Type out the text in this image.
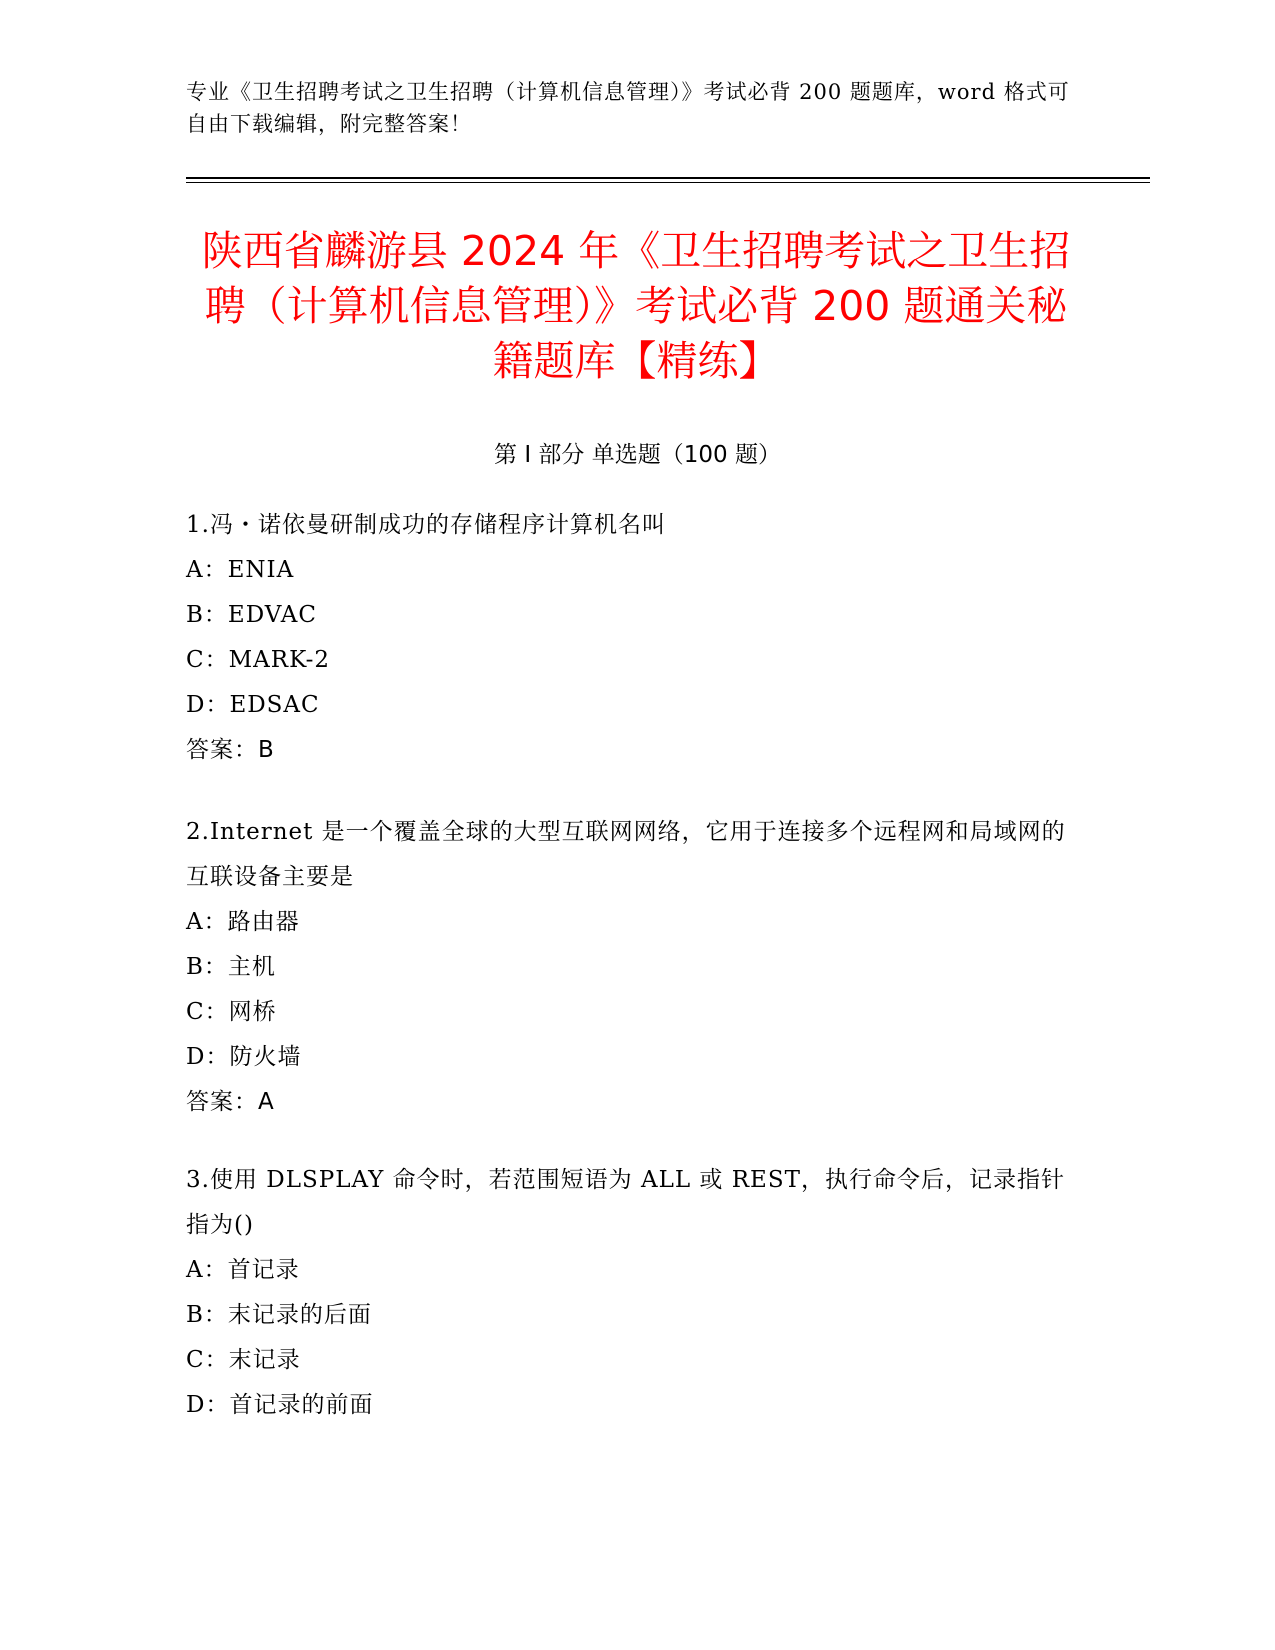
专业《卫生招聘考试之卫生招聘（计算机信息管理）》考试必背 200 题题库，word 格式可自由下载编辑，附完整答案！
陕西省麟游县 2024 年《卫生招聘考试之卫生招聘（计算机信息管理）》考试必背 200 题通关秘籍题库【精练】
第 I 部分 单选题（100 题）

1.冯・诺依曼研制成功的存储程序计算机名叫

A：ENIA

B：EDVAC

C：MARK-2

D：EDSAC

答案：B

2.Internet 是一个覆盖全球的大型互联网网络，它用于连接多个远程网和局域网的互联设备主要是

A：路由器

B：主机

C：网桥

D：防火墙

答案：A

3.使用 DLSPLAY 命令时，若范围短语为 ALL 或 REST，执行命令后，记录指针指为()

A：首记录

B：末记录的后面

C：末记录

D：首记录的前面
